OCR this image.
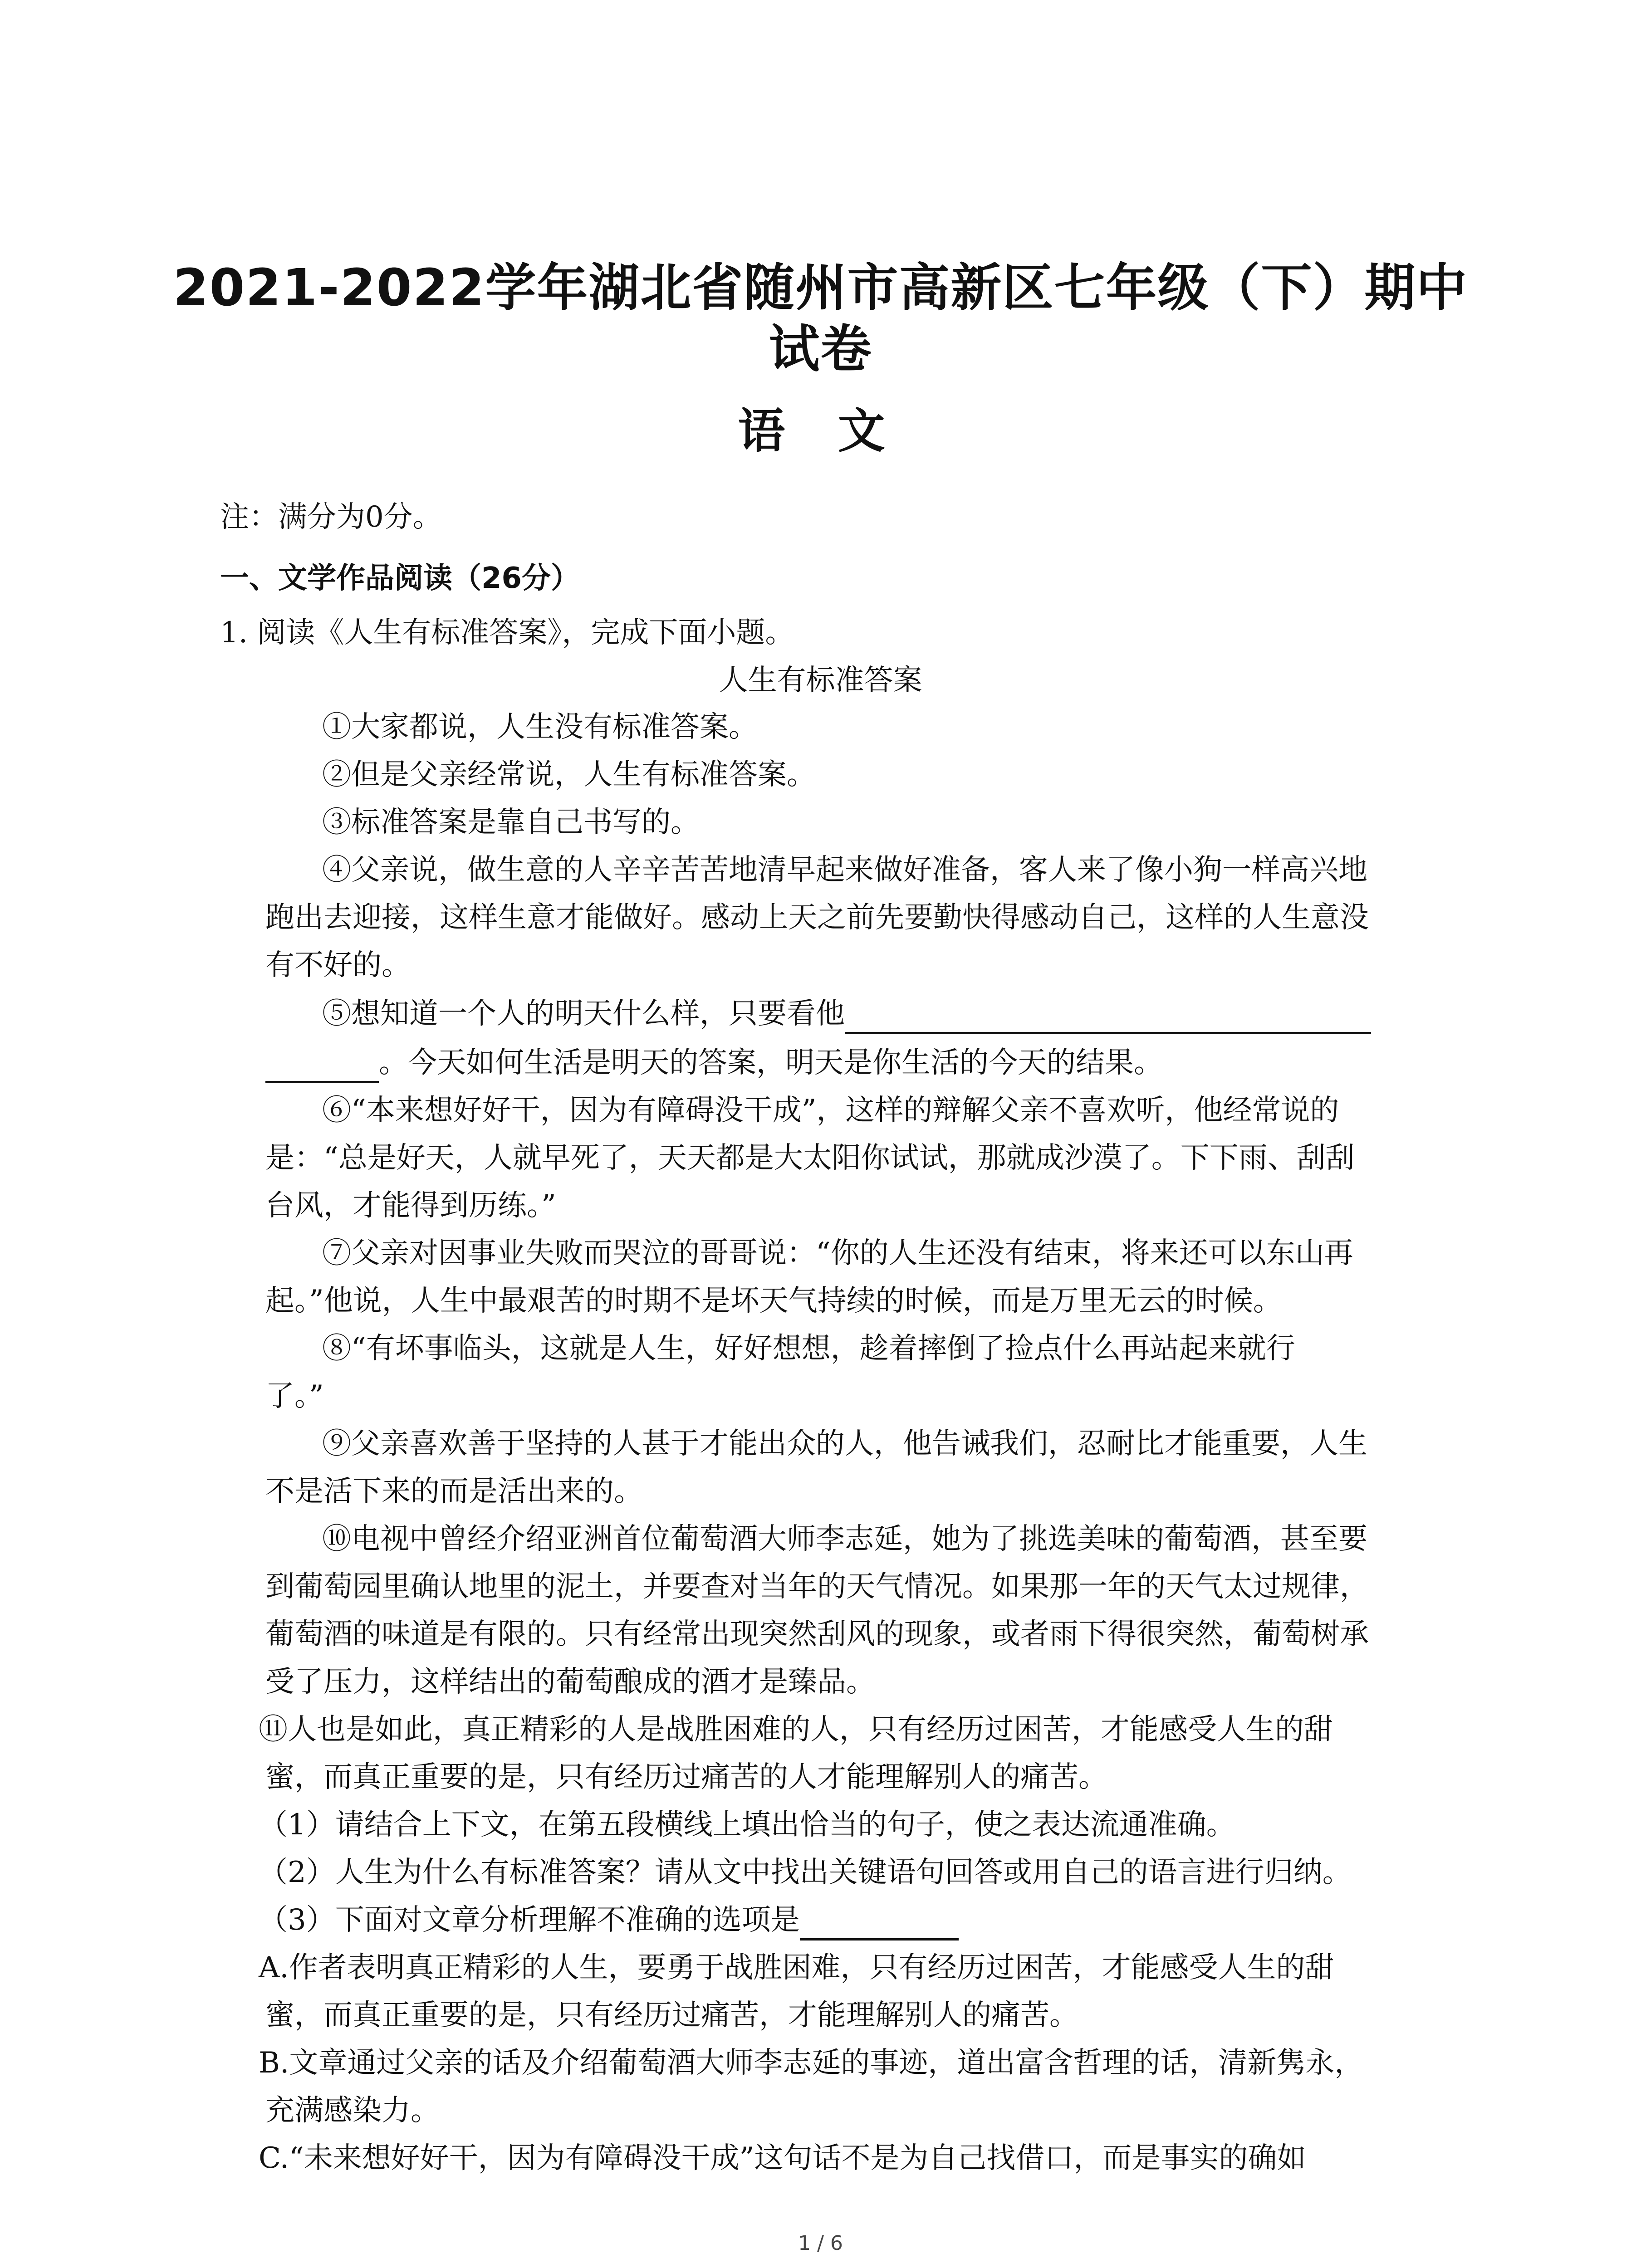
2021-2022学年湖北省随州市高新区七年级（下）期中
试卷
语 文
注：满分为0分。
一、文学作品阅读（26分）
1. 阅读《人生有标准答案》，完成下面小题。
人生有标准答案
①大家都说，人生没有标准答案。
②但是父亲经常说，人生有标准答案。
③标准答案是靠自己书写的。
④父亲说，做生意的人辛辛苦苦地清早起来做好准备，客人来了像小狗一样高兴地
跑出去迎接，这样生意才能做好。感动上天之前先要勤快得感动自己，这样的人生意没
有不好的。
⑤想知道一个人的明天什么样，只要看他
。今天如何生活是明天的答案，明天是你生活的今天的结果。
⑥“本来想好好干，因为有障碍没干成”，这样的辩解父亲不喜欢听，他经常说的
是：“总是好天，人就早死了，天天都是大太阳你试试，那就成沙漠了。下下雨、刮刮
台风，才能得到历练。”
⑦父亲对因事业失败而哭泣的哥哥说：“你的人生还没有结束，将来还可以东山再
起。”他说，人生中最艰苦的时期不是坏天气持续的时候，而是万里无云的时候。
⑧“有坏事临头，这就是人生，好好想想，趁着摔倒了捡点什么再站起来就行
了。”
⑨父亲喜欢善于坚持的人甚于才能出众的人，他告诫我们，忍耐比才能重要，人生
不是活下来的而是活出来的。
⑩电视中曾经介绍亚洲首位葡萄酒大师李志延，她为了挑选美味的葡萄酒，甚至要
到葡萄园里确认地里的泥土，并要查对当年的天气情况。如果那一年的天气太过规律，
葡萄酒的味道是有限的。只有经常出现突然刮风的现象，或者雨下得很突然，葡萄树承
受了压力，这样结出的葡萄酿成的酒才是臻品。
⑪人也是如此，真正精彩的人是战胜困难的人，只有经历过困苦，才能感受人生的甜
蜜，而真正重要的是，只有经历过痛苦的人才能理解别人的痛苦。
（1）请结合上下文，在第五段横线上填出恰当的句子，使之表达流通准确。
（2）人生为什么有标准答案？请从文中找出关键语句回答或用自己的语言进行归纳。
（3）下面对文章分析理解不准确的选项是
A.作者表明真正精彩的人生，要勇于战胜困难，只有经历过困苦，才能感受人生的甜
蜜，而真正重要的是，只有经历过痛苦，才能理解别人的痛苦。
B.文章通过父亲的话及介绍葡萄酒大师李志延的事迹，道出富含哲理的话，清新隽永，
充满感染力。
C.“未来想好好干，因为有障碍没干成”这句话不是为自己找借口，而是事实的确如
1 / 6
